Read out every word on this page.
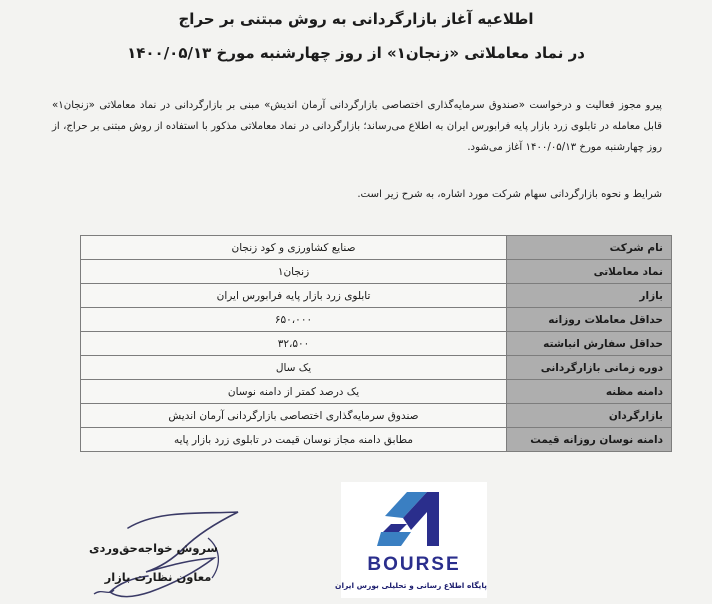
اطلاعیه آغاز بازارگردانی به روش مبتنی بر حراج
در نماد معاملاتی «زنجان۱» از روز چهارشنبه مورخ ۱۴۰۰/۰۵/۱۳
پیرو مجوز فعالیت و درخواست «صندوق سرمایه‌گذاری اختصاصی بازارگردانی آرمان اندیش» مبنی بر بازارگردانی در نماد معاملاتی «زنجان۱» قابل معامله در تابلوی زرد بازار پایه فرابورس ایران به اطلاع می‌رساند؛ بازارگردانی در نماد معاملاتی مذکور با استفاده از روش مبتنی بر حراج، از روز چهارشنبه مورخ ۱۴۰۰/۰۵/۱۳ آغاز می‌شود.
شرایط و نحوه بازارگردانی سهام شرکت مورد اشاره، به شرح زیر است.
نام شرکت	صنایع کشاورزی و کود زنجان
نماد معاملاتی	زنجان۱
بازار	تابلوی زرد بازار پایه فرابورس ایران
حداقل معاملات روزانه	۶۵۰،۰۰۰
حداقل سفارش انباشته	۳۲،۵۰۰
دوره زمانی بازارگردانی	یک سال
دامنه مظنه	یک درصد کمتر از دامنه نوسان
بازارگردان	صندوق سرمایه‌گذاری اختصاصی بازارگردانی آرمان اندیش
دامنه نوسان روزانه قیمت	مطابق دامنه مجاز نوسان قیمت در تابلوی زرد بازار پایه
سروش خواجه‌حق‌وردی
معاون نظارت بازار
BOURSE
پایگاه اطلاع رسانی و تحلیلی بورس ایران
